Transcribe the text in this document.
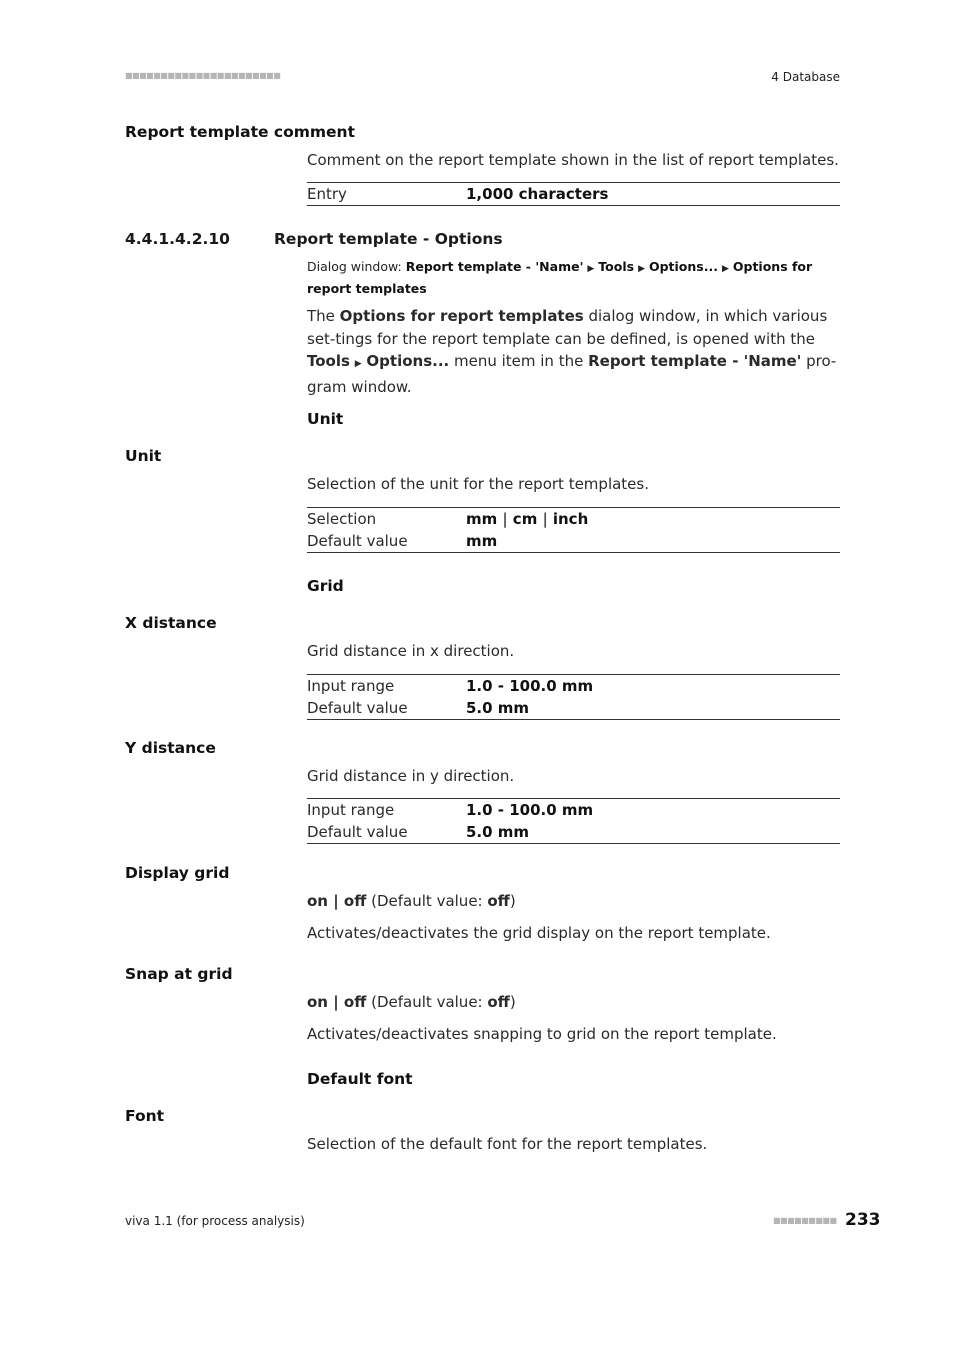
■■■■■■■■■■■■■■■■■■■■■■	4 Database
Report template comment
Comment on the report template shown in the list of report templates.
Entry	1,000 characters
4.4.1.4.2.10	Report template - Options
Dialog window: Report template - 'Name' ▶ Tools ▶ Options... ▶ Options for report templates
The Options for report templates dialog window, in which various set-tings for the report template can be defined, is opened with the Tools ▶ Options... menu item in the Report template - 'Name' pro-gram window.
Unit
Unit
Selection of the unit for the report templates.
Selection	mm | cm | inch
Default value	mm
Grid
X distance
Grid distance in x direction.
Input range	1.0 - 100.0 mm
Default value	5.0 mm
Y distance
Grid distance in y direction.
Input range	1.0 - 100.0 mm
Default value	5.0 mm
Display grid
on | off (Default value: off)
Activates/deactivates the grid display on the report template.
Snap at grid
on | off (Default value: off)
Activates/deactivates snapping to grid on the report template.
Default font
Font
Selection of the default font for the report templates.
viva 1.1 (for process analysis)	■■■■■■■■■ 233
